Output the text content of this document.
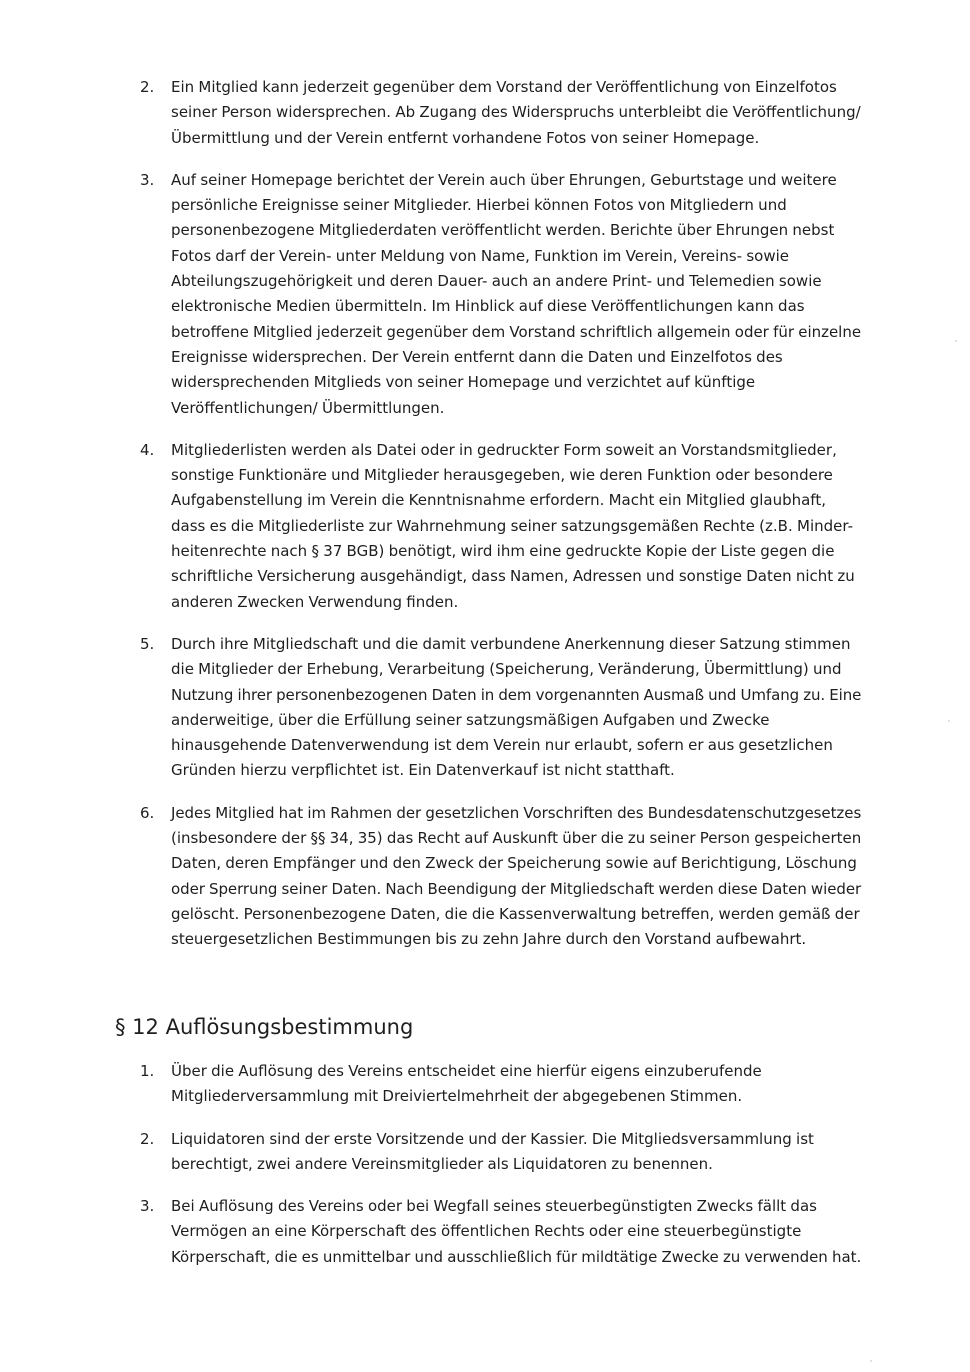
2. Ein Mitglied kann jederzeit gegenüber dem Vorstand der Veröffentlichung von Einzelfotos
seiner Person widersprechen. Ab Zugang des Widerspruchs unterbleibt die Veröffentlichung/
Übermittlung und der Verein entfernt vorhandene Fotos von seiner Homepage.
3. Auf seiner Homepage berichtet der Verein auch über Ehrungen, Geburtstage und weitere
persönliche Ereignisse seiner Mitglieder. Hierbei können Fotos von Mitgliedern und
personenbezogene Mitgliederdaten veröffentlicht werden. Berichte über Ehrungen nebst
Fotos darf der Verein- unter Meldung von Name, Funktion im Verein, Vereins- sowie
Abteilungszugehörigkeit und deren Dauer- auch an andere Print- und Telemedien sowie
elektronische Medien übermitteln. Im Hinblick auf diese Veröffentlichungen kann das
betroffene Mitglied jederzeit gegenüber dem Vorstand schriftlich allgemein oder für einzelne
Ereignisse widersprechen. Der Verein entfernt dann die Daten und Einzelfotos des
widersprechenden Mitglieds von seiner Homepage und verzichtet auf künftige
Veröffentlichungen/ Übermittlungen.
4. Mitgliederlisten werden als Datei oder in gedruckter Form soweit an Vorstandsmitglieder,
sonstige Funktionäre und Mitglieder herausgegeben, wie deren Funktion oder besondere
Aufgabenstellung im Verein die Kenntnisnahme erfordern. Macht ein Mitglied glaubhaft,
dass es die Mitgliederliste zur Wahrnehmung seiner satzungsgemäßen Rechte (z.B. Minder-
heitenrechte nach § 37 BGB) benötigt, wird ihm eine gedruckte Kopie der Liste gegen die
schriftliche Versicherung ausgehändigt, dass Namen, Adressen und sonstige Daten nicht zu
anderen Zwecken Verwendung finden.
5. Durch ihre Mitgliedschaft und die damit verbundene Anerkennung dieser Satzung stimmen
die Mitglieder der Erhebung, Verarbeitung (Speicherung, Veränderung, Übermittlung) und
Nutzung ihrer personenbezogenen Daten in dem vorgenannten Ausmaß und Umfang zu. Eine
anderweitige, über die Erfüllung seiner satzungsmäßigen Aufgaben und Zwecke
hinausgehende Datenverwendung ist dem Verein nur erlaubt, sofern er aus gesetzlichen
Gründen hierzu verpflichtet ist. Ein Datenverkauf ist nicht statthaft.
6. Jedes Mitglied hat im Rahmen der gesetzlichen Vorschriften des Bundesdatenschutzgesetzes
(insbesondere der §§ 34, 35) das Recht auf Auskunft über die zu seiner Person gespeicherten
Daten, deren Empfänger und den Zweck der Speicherung sowie auf Berichtigung, Löschung
oder Sperrung seiner Daten. Nach Beendigung der Mitgliedschaft werden diese Daten wieder
gelöscht. Personenbezogene Daten, die die Kassenverwaltung betreffen, werden gemäß der
steuergesetzlichen Bestimmungen bis zu zehn Jahre durch den Vorstand aufbewahrt.
§ 12 Auflösungsbestimmung
1. Über die Auflösung des Vereins entscheidet eine hierfür eigens einzuberufende
Mitgliederversammlung mit Dreiviertelmehrheit der abgegebenen Stimmen.
2. Liquidatoren sind der erste Vorsitzende und der Kassier. Die Mitgliedsversammlung ist
berechtigt, zwei andere Vereinsmitglieder als Liquidatoren zu benennen.
3. Bei Auflösung des Vereins oder bei Wegfall seines steuerbegünstigten Zwecks fällt das
Vermögen an eine Körperschaft des öffentlichen Rechts oder eine steuerbegünstigte
Körperschaft, die es unmittelbar und ausschließlich für mildtätige Zwecke zu verwenden hat.
